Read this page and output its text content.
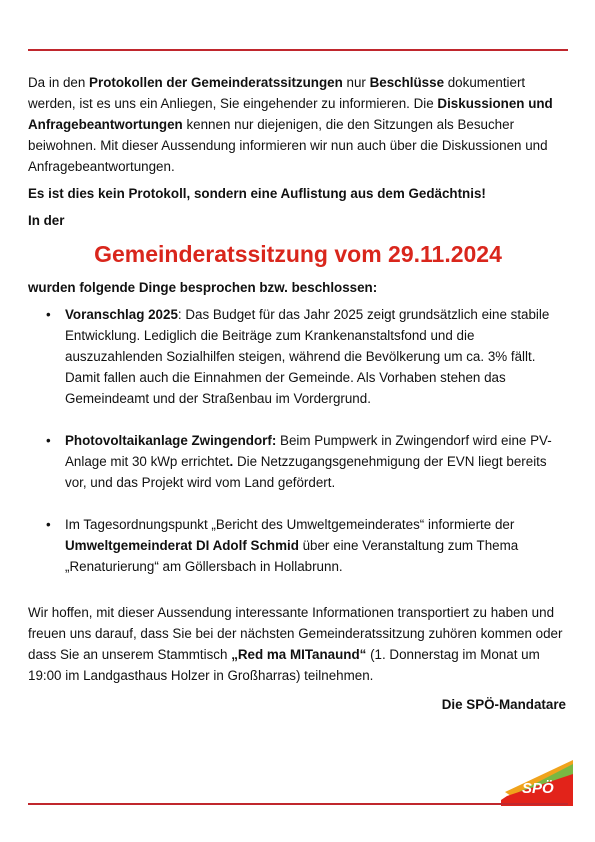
Da in den Protokollen der Gemeinderatssitzungen nur Beschlüsse dokumentiert werden, ist es uns ein Anliegen, Sie eingehender zu informieren. Die Diskussionen und Anfragebeantwortungen kennen nur diejenigen, die den Sitzungen als Besucher beiwohnen. Mit dieser Aussendung informieren wir nun auch über die Diskussionen und Anfragebeantwortungen.

Es ist dies kein Protokoll, sondern eine Auflistung aus dem Gedächtnis!

In der

Gemeinderatssitzung vom 29.11.2024

wurden folgende Dinge besprochen bzw. beschlossen:

• Voranschlag 2025: Das Budget für das Jahr 2025 zeigt grundsätzlich eine stabile Entwicklung. Lediglich die Beiträge zum Krankenanstaltsfond und die auszuzahlenden Sozialhilfen steigen, während die Bevölkerung um ca. 3% fällt. Damit fallen auch die Einnahmen der Gemeinde. Als Vorhaben stehen das Gemeindeamt und der Straßenbau im Vordergrund.
• Photovoltaikanlage Zwingendorf: Beim Pumpwerk in Zwingendorf wird eine PV-Anlage mit 30 kWp errichtet. Die Netzzugangsgenehmigung der EVN liegt bereits vor, und das Projekt wird vom Land gefördert.
• Im Tagesordnungspunkt „Bericht des Umweltgemeinderates“ informierte der Umweltgemeinderat DI Adolf Schmid über eine Veranstaltung zum Thema „Renaturierung“ am Göllersbach in Hollabrunn.

Wir hoffen, mit dieser Aussendung interessante Informationen transportiert zu haben und freuen uns darauf, dass Sie bei der nächsten Gemeinderatssitzung zuhören kommen oder dass Sie an unserem Stammtisch „Red ma MITanaund“ (1. Donnerstag im Monat um 19:00 im Landgasthaus Holzer in Großharras) teilnehmen.

Die SPÖ-Mandatare

SPÖ
